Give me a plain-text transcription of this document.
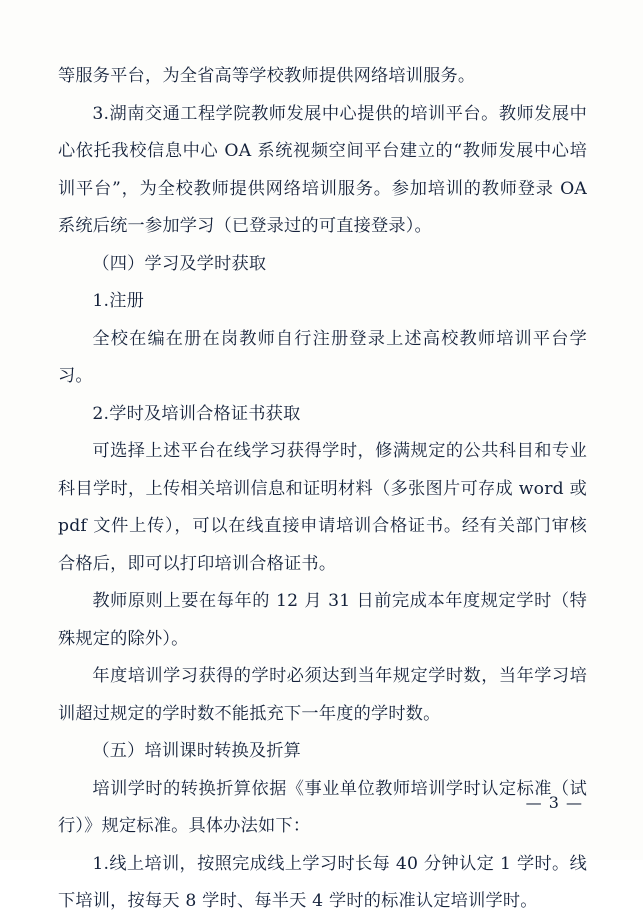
等服务平台，为全省高等学校教师提供网络培训服务。

3.湖南交通工程学院教师发展中心提供的培训平台。教师发展中心依托我校信息中心 OA 系统视频空间平台建立的“教师发展中心培训平台”，为全校教师提供网络培训服务。参加培训的教师登录 OA 系统后统一参加学习（已登录过的可直接登录）。

（四）学习及学时获取

1.注册

全校在编在册在岗教师自行注册登录上述高校教师培训平台学习。

2.学时及培训合格证书获取

可选择上述平台在线学习获得学时，修满规定的公共科目和专业科目学时，上传相关培训信息和证明材料（多张图片可存成 word 或 pdf 文件上传），可以在线直接申请培训合格证书。经有关部门审核合格后，即可以打印培训合格证书。

教师原则上要在每年的 12 月 31 日前完成本年度规定学时（特殊规定的除外）。

年度培训学习获得的学时必须达到当年规定学时数，当年学习培训超过规定的学时数不能抵充下一年度的学时数。

（五）培训课时转换及折算

培训学时的转换折算依据《事业单位教师培训学时认定标准（试行）》规定标准。具体办法如下：

1.线上培训，按照完成线上学习时长每 40 分钟认定 1 学时。线下培训，按每天 8 学时、每半天 4 学时的标准认定培训学时。

— 3 —
